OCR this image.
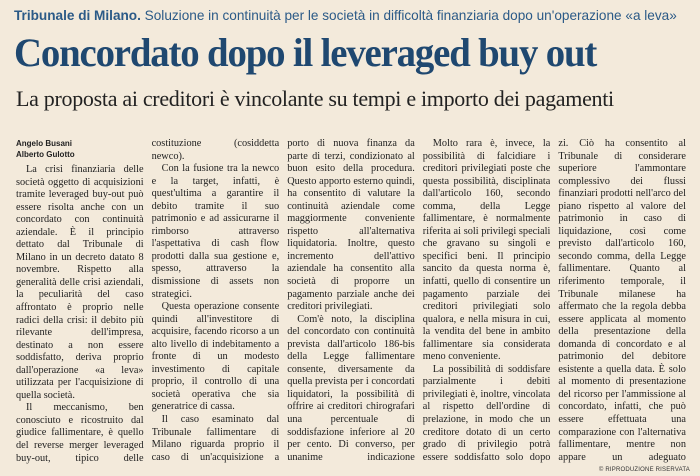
Tribunale di Milano. Soluzione in continuità per le società in difficoltà finanziaria dopo un'operazione «a leva»
Concordato dopo il leveraged buy out
La proposta ai creditori è vincolante su tempi e importo dei pagamenti

Angelo Busani

Alberto Gulotto

La crisi finanziaria delle società oggetto di acquisizioni tramite leveraged buy-out può essere risolta anche con un concordato con continuità aziendale. È il principio dettato dal Tribunale di Milano in un decreto datato 8 novembre. Rispetto alla generalità delle crisi aziendali, la peculiarità del caso affrontato è proprio nelle radici della crisi: il debito più rilevante dell'impresa, destinato a non essere soddisfatto, deriva proprio dall'operazione «a leva» utilizzata per l'acquisizione di quella società.

Il meccanismo, ben conosciuto e ricostruito dal giudice fallimentare, è quello del reverse merger leveraged buy-out, tipico delle

costituzione (cosiddetta newco).

Con la fusione tra la newco e la target, infatti, è quest'ultima a garantire il debito tramite il suo patrimonio e ad assicurarne il rimborso attraverso l'aspettativa di cash flow prodotti dalla sua gestione e, spesso, attraverso la dismissione di assets non strategici.

Questa operazione consente quindi all'investitore di acquisire, facendo ricorso a un alto livello di indebitamento a fronte di un modesto investimento di capitale proprio, il controllo di una società operativa che sia generatrice di cassa.

Il caso esaminato dal Tribunale fallimentare di Milano riguarda proprio il caso di un'acquisizione a

porto di nuova finanza da parte di terzi, condizionato al buon esito della procedura. Questo apporto esterno quindi, ha consentito di valutare la continuità aziendale come maggiormente conveniente rispetto all'alternativa liquidatoria. Inoltre, questo incremento dell'attivo aziendale ha consentito alla società di proporre un pagamento parziale anche dei creditori privilegiati.

Com'è noto, la disciplina del concordato con continuità prevista dall'articolo 186-bis della Legge fallimentare consente, diversamente da quella prevista per i concordati liquidatori, la possibilità di offrire ai creditori chirografari una percentuale di soddisfazione inferiore al 20 per cento. Di converso, per unanime indicazione

Molto rara è, invece, la possibilità di falcidiare i creditori privilegiati poste che questa possibilità, disciplinata dall'articolo 160, secondo comma, della Legge fallimentare, è normalmente riferita ai soli privilegi speciali che gravano su singoli e specifici beni. Il principio sancito da questa norma è, infatti, quello di consentire un pagamento parziale dei creditori privilegiati solo qualora, e nella misura in cui, la vendita del bene in ambito fallimentare sia considerata meno conveniente.

La possibilità di soddisfare parzialmente i debiti privilegiati è, inoltre, vincolata al rispetto dell'ordine di prelazione, in modo che un creditore dotato di un certo grado di privilegio potrà essere soddisfatto solo dopo

zi. Ciò ha consentito al Tribunale di considerare superiore l'ammontare complessivo dei flussi finanziari prodotti nell'arco del piano rispetto al valore del patrimonio in caso di liquidazione, così come previsto dall'articolo 160, secondo comma, della Legge fallimentare. Quanto al riferimento temporale, il Tribunale milanese ha affermato che la regola debba essere applicata al momento della presentazione della domanda di concordato e al patrimonio del debitore esistente a quella data. È solo al momento di presentazione del ricorso per l'ammissione al concordato, infatti, che può essere effettuata una comparazione con l'alternativa fallimentare, mentre non appare un adeguato

© RIPRODUZIONE RISERVATA
